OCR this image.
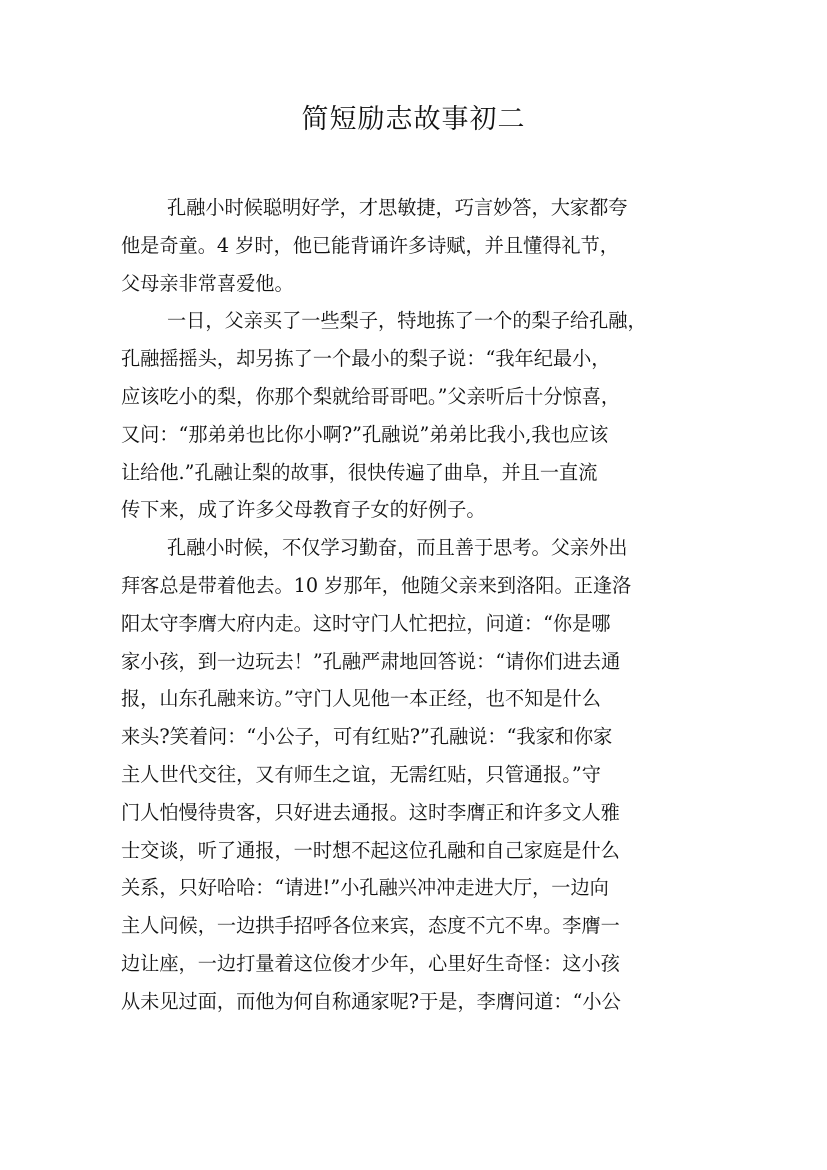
简短励志故事初二
孔融小时候聪明好学，才思敏捷，巧言妙答，大家都夸
他是奇童。4 岁时，他已能背诵许多诗赋，并且懂得礼节，
父母亲非常喜爱他。
一日，父亲买了一些梨子，特地拣了一个的梨子给孔融，
孔融摇摇头，却另拣了一个最小的梨子说：“我年纪最小，
应该吃小的梨，你那个梨就给哥哥吧。”父亲听后十分惊喜，
又问：“那弟弟也比你小啊?”孔融说”弟弟比我小,我也应该
让给他.”孔融让梨的故事，很快传遍了曲阜，并且一直流
传下来，成了许多父母教育子女的好例子。
孔融小时候，不仅学习勤奋，而且善于思考。父亲外出
拜客总是带着他去。10 岁那年，他随父亲来到洛阳。正逢洛
阳太守李膺大府内走。这时守门人忙把拉，问道：“你是哪
家小孩，到一边玩去！”孔融严肃地回答说：“请你们进去通
报，山东孔融来访。”守门人见他一本正经，也不知是什么
来头?笑着问：“小公子，可有红贴?”孔融说：“我家和你家
主人世代交往，又有师生之谊，无需红贴，只管通报。”守
门人怕慢待贵客，只好进去通报。这时李膺正和许多文人雅
士交谈，听了通报，一时想不起这位孔融和自己家庭是什么
关系，只好哈哈：“请进!”小孔融兴冲冲走进大厅，一边向
主人问候，一边拱手招呼各位来宾，态度不亢不卑。李膺一
边让座，一边打量着这位俊才少年，心里好生奇怪：这小孩
从未见过面，而他为何自称通家呢?于是，李膺问道：“小公
